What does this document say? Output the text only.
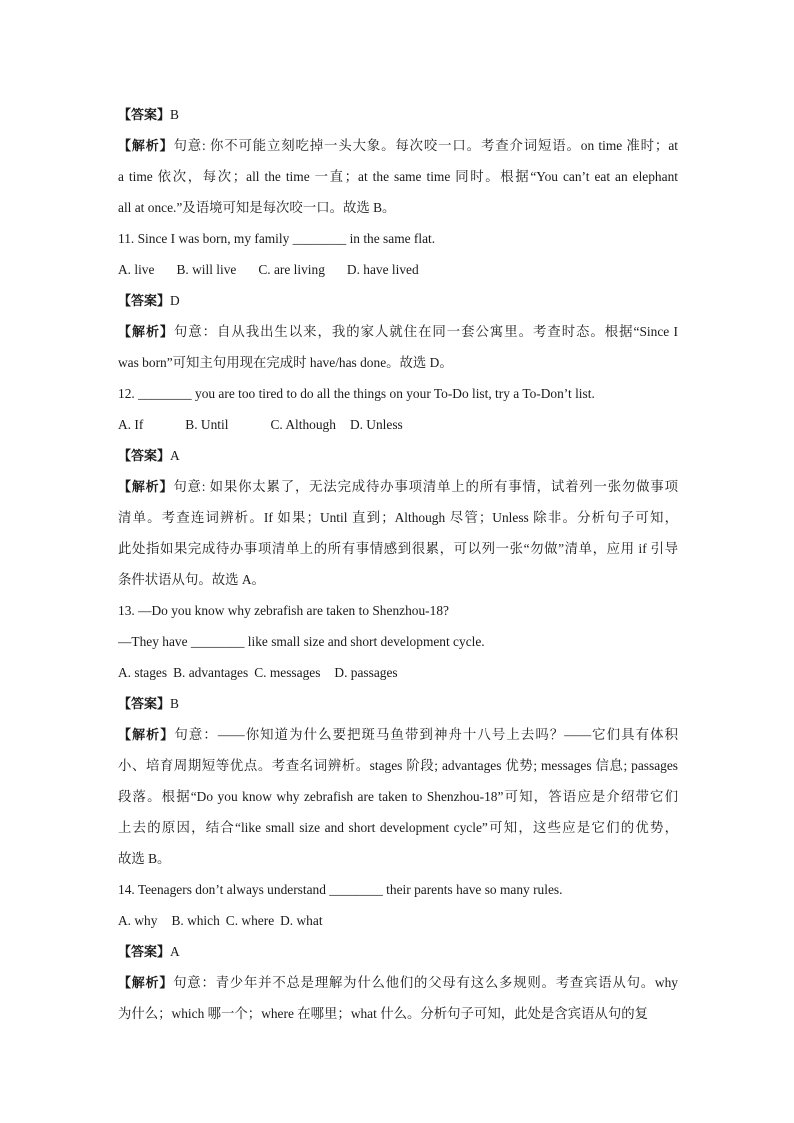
【答案】B
【解析】句意: 你不可能立刻吃掉一头大象。每次咬一口。考查介词短语。on time 准时；at
a time 依次，每次；all the time 一直；at the same time 同时。根据“You can’t eat an elephant
all at once.”及语境可知是每次咬一口。故选 B。
11. Since I was born, my family ________ in the same flat.
A. live B. will live C. are living D. have lived
【答案】D
【解析】句意：自从我出生以来，我的家人就住在同一套公寓里。考查时态。根据“Since I
was born”可知主句用现在完成时 have/has done。故选 D。
12. ________ you are too tired to do all the things on your To-Do list, try a To-Don’t list.
A. If	B. Until	C. Although D. Unless
【答案】A
【解析】句意: 如果你太累了，无法完成待办事项清单上的所有事情，试着列一张勿做事项
清单。考查连词辨析。If 如果；Until 直到；Although 尽管；Unless 除非。分析句子可知，
此处指如果完成待办事项清单上的所有事情感到很累，可以列一张“勿做”清单，应用 if 引导
条件状语从句。故选 A。
13. —Do you know why zebrafish are taken to Shenzhou-18?
—They have ________ like small size and short development cycle.
A. stages B. advantages C. messages D. passages
【答案】B
【解析】句意：——你知道为什么要把斑马鱼带到神舟十八号上去吗？——它们具有体积
小、培育周期短等优点。考查名词辨析。stages 阶段; advantages 优势; messages 信息; passages
段落。根据“Do you know why zebrafish are taken to Shenzhou-18”可知，答语应是介绍带它们
上去的原因，结合“like small size and short development cycle”可知，这些应是它们的优势，
故选 B。
14. Teenagers don’t always understand ________ their parents have so many rules.
A. why B. which C. where D. what
【答案】A
【解析】句意：青少年并不总是理解为什么他们的父母有这么多规则。考查宾语从句。why
为什么；which 哪一个；where 在哪里；what 什么。分析句子可知，此处是含宾语从句的复
